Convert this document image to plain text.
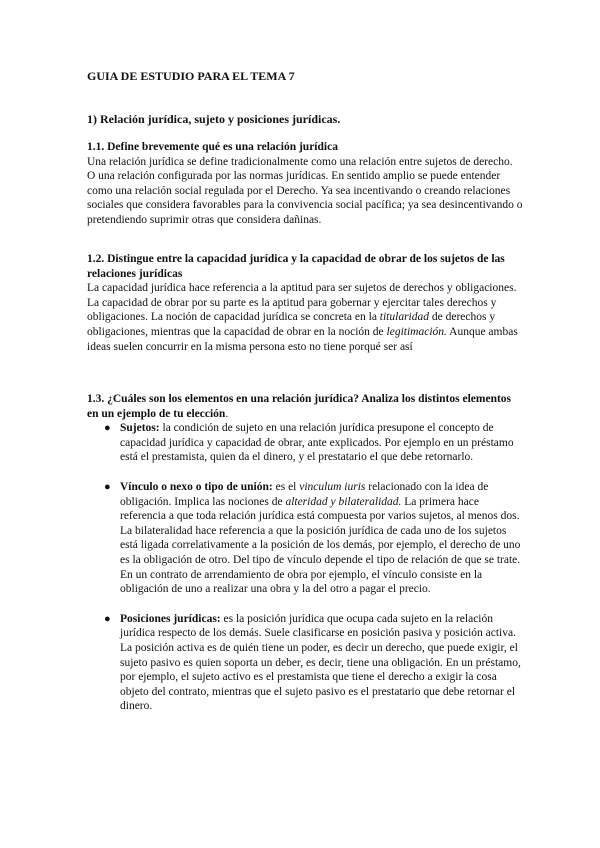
GUIA DE ESTUDIO PARA EL TEMA 7
1) Relación jurídica, sujeto y posiciones jurídicas.

1.1. Define brevemente qué es una relación jurídica

Una relación jurídica se define tradicionalmente como una relación entre sujetos de derecho. O una relación configurada por las normas jurídicas. En sentido amplio se puede entender como una relación social regulada por el Derecho. Ya sea incentivando o creando relaciones sociales que considera favorables para la convivencia social pacífica; ya sea desincentivando o pretendiendo suprimir otras que considera dañinas.

1.2. Distingue entre la capacidad jurídica y la capacidad de obrar de los sujetos de las relaciones jurídicas

La capacidad jurídica hace referencia a la aptitud para ser sujetos de derechos y obligaciones. La capacidad de obrar por su parte es la aptitud para gobernar y ejercitar tales derechos y obligaciones. La noción de capacidad jurídica se concreta en la titularidad de derechos y obligaciones, mientras que la capacidad de obrar en la noción de legitimación. Aunque ambas ideas suelen concurrir en la misma persona esto no tiene porqué ser así

1.3. ¿Cuáles son los elementos en una relación jurídica? Analiza los distintos elementos en un ejemplo de tu elección.

● Sujetos: la condición de sujeto en una relación jurídica presupone el concepto de capacidad jurídica y capacidad de obrar, ante explicados. Por ejemplo en un préstamo está el prestamista, quien da el dinero, y el prestatario el que debe retornarlo.
● Vínculo o nexo o tipo de unión: es el vinculum iuris relacionado con la idea de obligación. Implica las nociones de alteridad y bilateralidad. La primera hace referencia a que toda relación jurídica está compuesta por varios sujetos, al menos dos. La bilateralidad hace referencia a que la posición jurídica de cada uno de los sujetos está ligada correlativamente a la posición de los demás, por ejemplo, el derecho de uno es la obligación de otro. Del tipo de vínculo depende el tipo de relación de que se trate. En un contrato de arrendamiento de obra por ejemplo, el vínculo consiste en la obligación de uno a realizar una obra y la del otro a pagar el precio.
● Posiciones jurídicas: es la posición jurídica que ocupa cada sujeto en la relación jurídica respecto de los demás. Suele clasificarse en posición pasiva y posición activa. La posición activa es de quién tiene un poder, es decir un derecho, que puede exigir, el sujeto pasivo es quien soporta un deber, es decir, tiene una obligación. En un préstamo, por ejemplo, el sujeto activo es el prestamista que tiene el derecho a exigir la cosa objeto del contrato, mientras que el sujeto pasivo es el prestatario que debe retornar el dinero.
